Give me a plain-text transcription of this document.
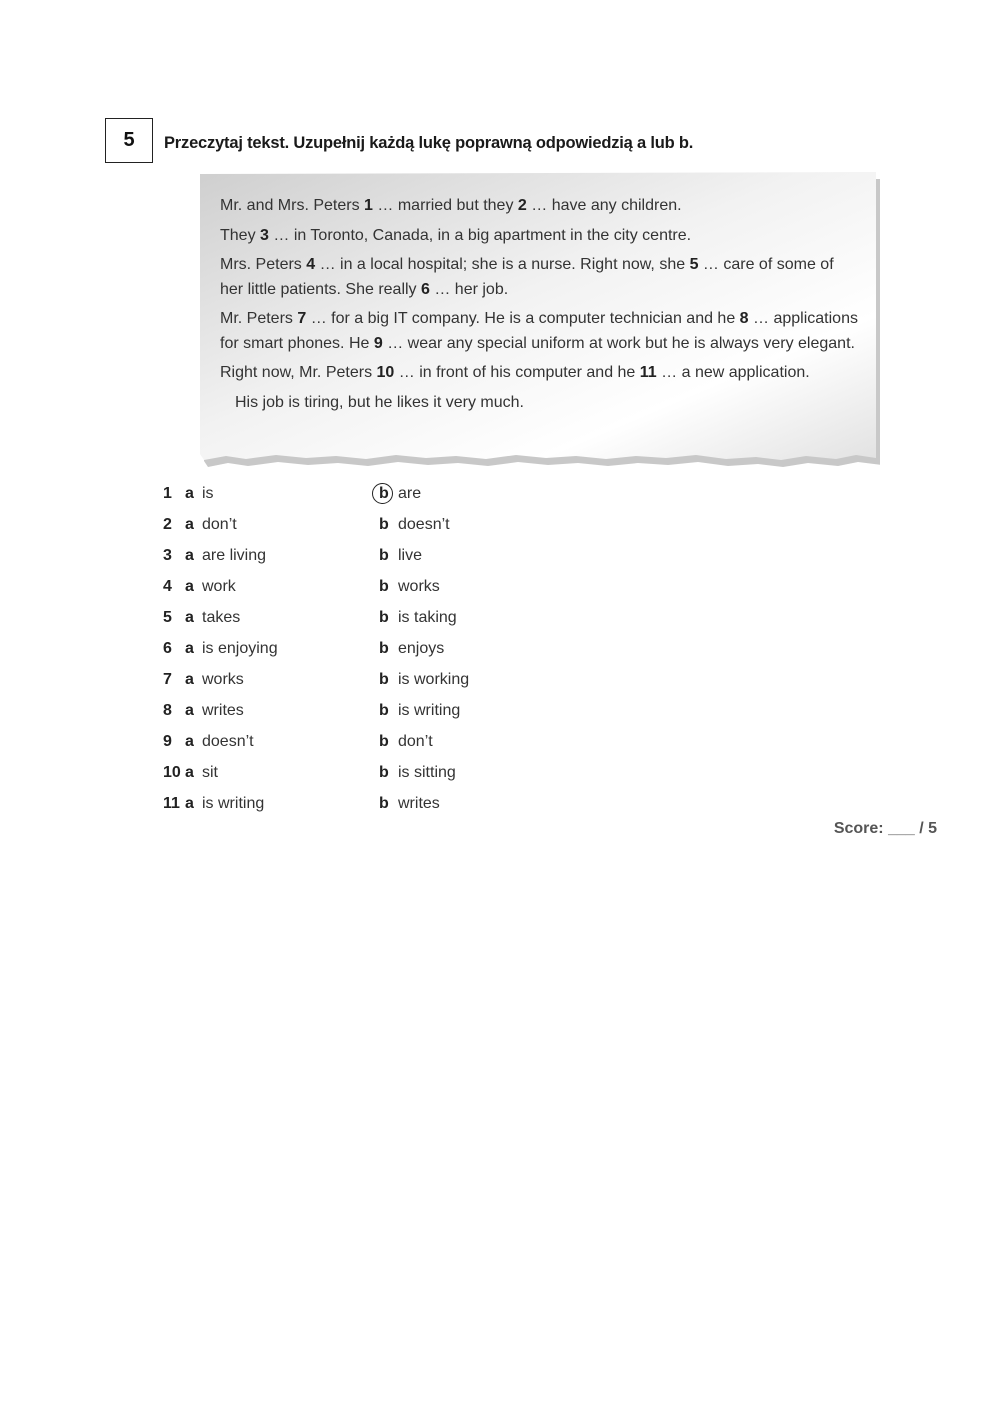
5 Przeczytaj tekst. Uzupełnij każdą lukę poprawną odpowiedzią a lub b.

Mr. and Mrs. Peters 1 … married but they 2 … have any children.

They 3 … in Toronto, Canada, in a big apartment in the city centre.

Mrs. Peters 4 … in a local hospital; she is a nurse. Right now, she 5 … care of some of her little patients. She really 6 … her job.

Mr. Peters 7 … for a big IT company. He is a computer technician and he 8 … applications for smart phones. He 9 … wear any special uniform at work but he is always very elegant.

Right now, Mr. Peters 10 … in front of his computer and he 11 … a new application.

His job is tiring, but he likes it very much.

1 a is	b are
2 a don’t	b doesn’t
3 a are living	b live
4 a work	b works
5 a takes	b is taking
6 a is enjoying	b enjoys
7 a works	b is working
8 a writes	b is writing
9 a doesn’t	b don’t
10 a sit	b is sitting
11 a is writing	b writes
Score: ___ / 5
